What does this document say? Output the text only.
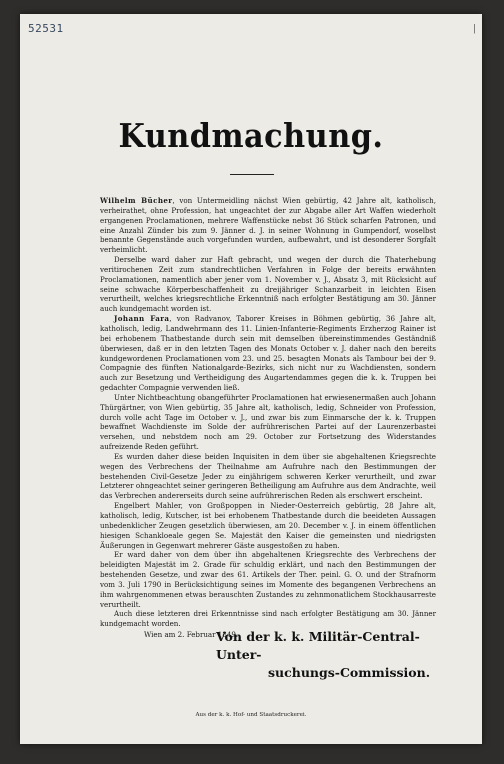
52531	|
Kundmachung.

Wilhelm Bücher, von Untermeidling nächst Wien gebürtig, 42 Jahre alt, katholisch, verheirathet, ohne Profession, hat ungeachtet der zur Abgabe aller Art Waffen wiederholt ergangenen Proclamationen, mehrere Waffenstücke nebst 36 Stück scharfen Patronen, und eine Anzahl Zünder bis zum 9. Jänner d. J. in seiner Wohnung in Gumpendorf, woselbst benannte Gegenstände auch vorgefunden wurden, aufbewahrt, und ist desonderer Sorgfalt verheimlicht.

Derselbe ward daher zur Haft gebracht, und wegen der durch die Thaterhebung veritirochenen Zeit zum standrechtlichen Verfahren in Folge der bereits erwähnten Proclamationen, namentlich aber jener vom 1. November v. J., Absatz 3, mit Rücksicht auf seine schwache Körperbeschaffenheit zu dreijähriger Schanzarbeit in leichten Eisen verurtheilt, welches kriegsrechtliche Erkenntniß nach erfolgter Bestätigung am 30. Jänner auch kundgemacht worden ist.

Johann Fara, von Radvanov, Taborer Kreises in Böhmen gebürtig, 36 Jahre alt, katholisch, ledig, Landwehrmann des 11. Linien-Infanterie-Regiments Erzherzog Rainer ist bei erhobenem Thatbestande durch sein mit demselben übereinstimmendes Geständniß überwiesen, daß er in den letzten Tagen des Monats October v. J. daher nach den bereits kundgewordenen Proclamationen vom 23. und 25. besagten Monats als Tambour bei der 9. Compagnie des fünften Nationalgarde-Bezirks, sich nicht nur zu Wachdiensten, sondern auch zur Besetzung und Vertheidigung des Augartendammes gegen die k. k. Truppen bei gedachter Compagnie verwenden ließ.

Unter Nichtbeachtung obangeführter Proclamationen hat erwiesenermaßen auch Johann Thürgärtner, von Wien gebürtig, 35 Jahre alt, katholisch, ledig, Schneider von Profession, durch volle acht Tage im October v. J., und zwar bis zum Einmarsche der k. k. Truppen bewaffnet Wachdienste im Solde der aufrührerischen Partei auf der Laurenzerbastei versehen, und nebstdem noch am 29. October zur Fortsetzung des Widerstandes aufreizende Reden geführt.

Es wurden daher diese beiden Inquisiten in dem über sie abgehaltenen Kriegsrechte wegen des Verbrechens der Theilnahme am Aufruhre nach den Bestimmungen der bestehenden Civil-Gesetze Jeder zu einjährigem schweren Kerker verurtheilt, und zwar Letzterer ohngeachtet seiner geringeren Betheiligung am Aufruhre aus dem Andrachte, weil das Verbrechen andererseits durch seine aufrührerischen Reden als erschwert erscheint.

Engelbert Mahler, von Großpoppen in Nieder-Oesterreich gebürtig, 28 Jahre alt, katholisch, ledig, Kutscher, ist bei erhobenem Thatbestande durch die beeideten Aussagen unbedenklicher Zeugen gesetzlich überwiesen, am 20. December v. J. in einem öffentlichen hiesigen Schankloeale gegen Se. Majestät den Kaiser die gemeinsten und niedrigsten Äußerungen in Gegenwart mehrerer Gäste ausgestoßen zu haben.

Er ward daher von dem über ihn abgehaltenen Kriegsrechte des Verbrechens der beleidigten Majestät im 2. Grade für schuldig erklärt, und nach den Bestimmungen der bestehenden Gesetze, und zwar des 61. Artikels der Ther. peinl. G. O. und der Strafnorm vom 3. Juli 1790 in Berücksichtigung seines im Momente des begangenen Verbrechens an ihm wahrgenommenen etwas berauschten Zustandes zu zehnmonatlichem Stockhausarreste verurtheilt.

Auch diese letzteren drei Erkenntnisse sind nach erfolgter Bestätigung am 30. Jänner kundgemacht worden.

Wien am 2. Februar 1849.

Von der k. k. Militär-Central-Unter-
suchungs-Commission.
Aus der k. k. Hof- und Staatsdruckerei.
